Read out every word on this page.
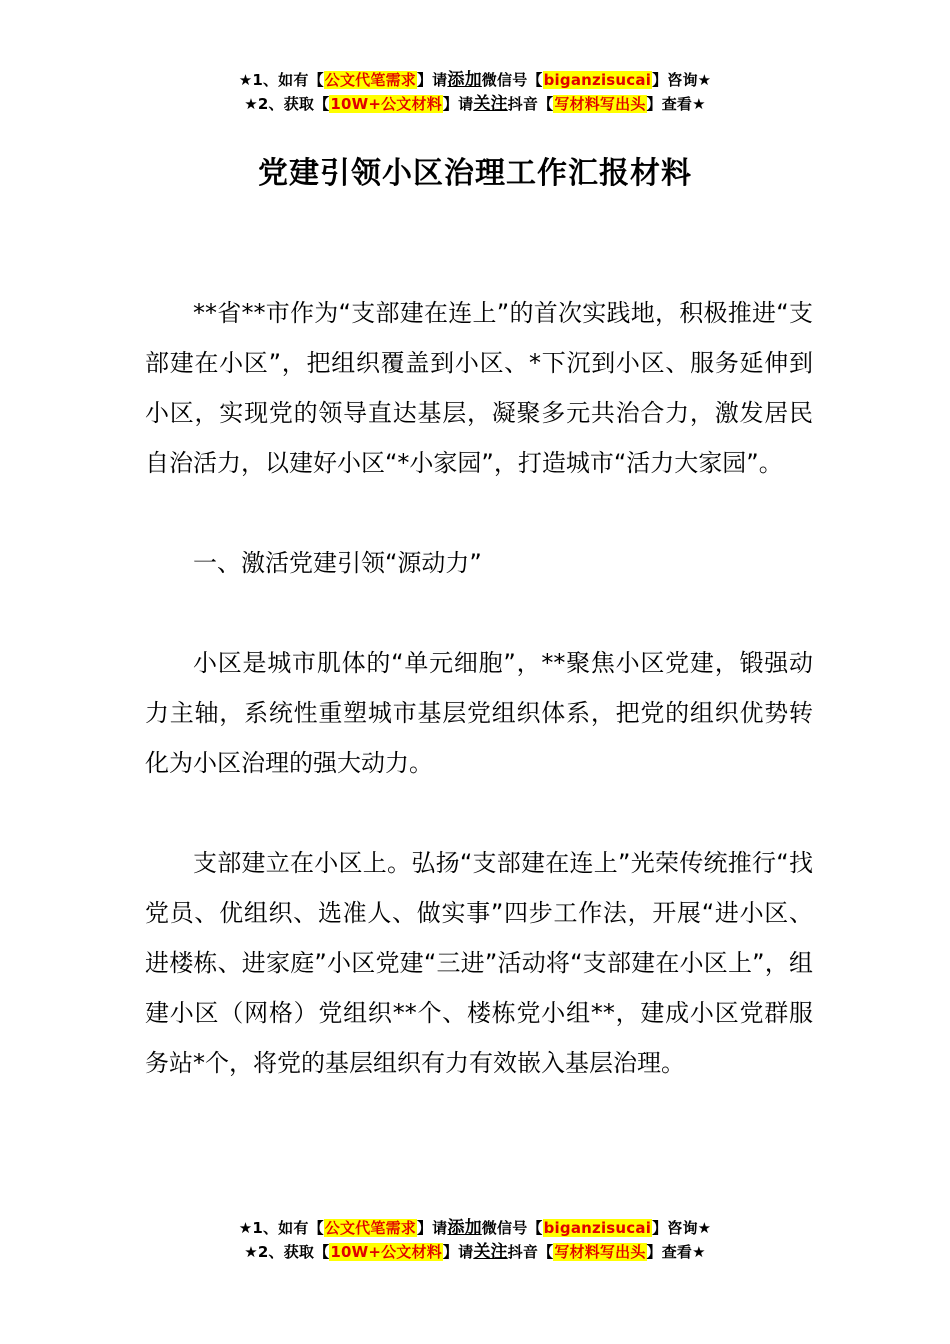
★1、如有【公文代笔需求】请添加微信号【biganzisucai】咨询★
★2、获取【10W+公文材料】请关注抖音【写材料写出头】查看★
党建引领小区治理工作汇报材料

**省**市作为“支部建在连上”的首次实践地，积极推进“支部建在小区”，把组织覆盖到小区、*下沉到小区、服务延伸到小区，实现党的领导直达基层，凝聚多元共治合力，激发居民自治活力，以建好小区“*小家园”，打造城市“活力大家园”。

一、激活党建引领“源动力”

小区是城市肌体的“单元细胞”，**聚焦小区党建，锻强动力主轴，系统性重塑城市基层党组织体系，把党的组织优势转化为小区治理的强大动力。

支部建立在小区上。弘扬“支部建在连上”光荣传统推行“找党员、优组织、选准人、做实事”四步工作法，开展“进小区、进楼栋、进家庭”小区党建“三进”活动将“支部建在小区上”，组建小区（网格）党组织**个、楼栋党小组**，建成小区党群服务站*个，将党的基层组织有力有效嵌入基层治理。

★1、如有【公文代笔需求】请添加微信号【biganzisucai】咨询★
★2、获取【10W+公文材料】请关注抖音【写材料写出头】查看★
